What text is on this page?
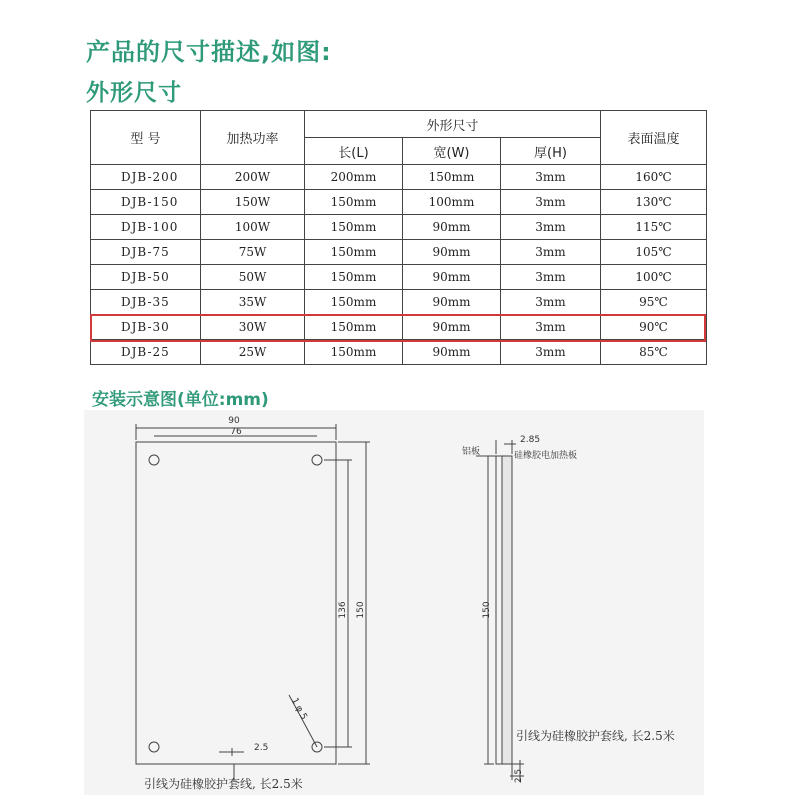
产品的尺寸描述,如图:
外形尺寸
型 号	加热功率	外形尺寸			表面温度
		长(L)	宽(W)	厚(H)	
DJB-200	200W	200mm	150mm	3mm	160℃
DJB-150	150W	150mm	100mm	3mm	130℃
DJB-100	100W	150mm	90mm	3mm	115℃
DJB-75	75W	150mm	90mm	3mm	105℃
DJB-50	50W	150mm	90mm	3mm	100℃
DJB-35	35W	150mm	90mm	3mm	95℃
DJB-30	30W	150mm	90mm	3mm	90℃
DJB-25	25W	150mm	90mm	3mm	85℃
安装示意图(单位:mm)
90
76
136 150
1 φ 5
2.5
引线为硅橡胶护套线, 长2.5米
2.85
铝板	硅橡胶电加热板
150
引线为硅橡胶护套线, 长2.5米
2.5
